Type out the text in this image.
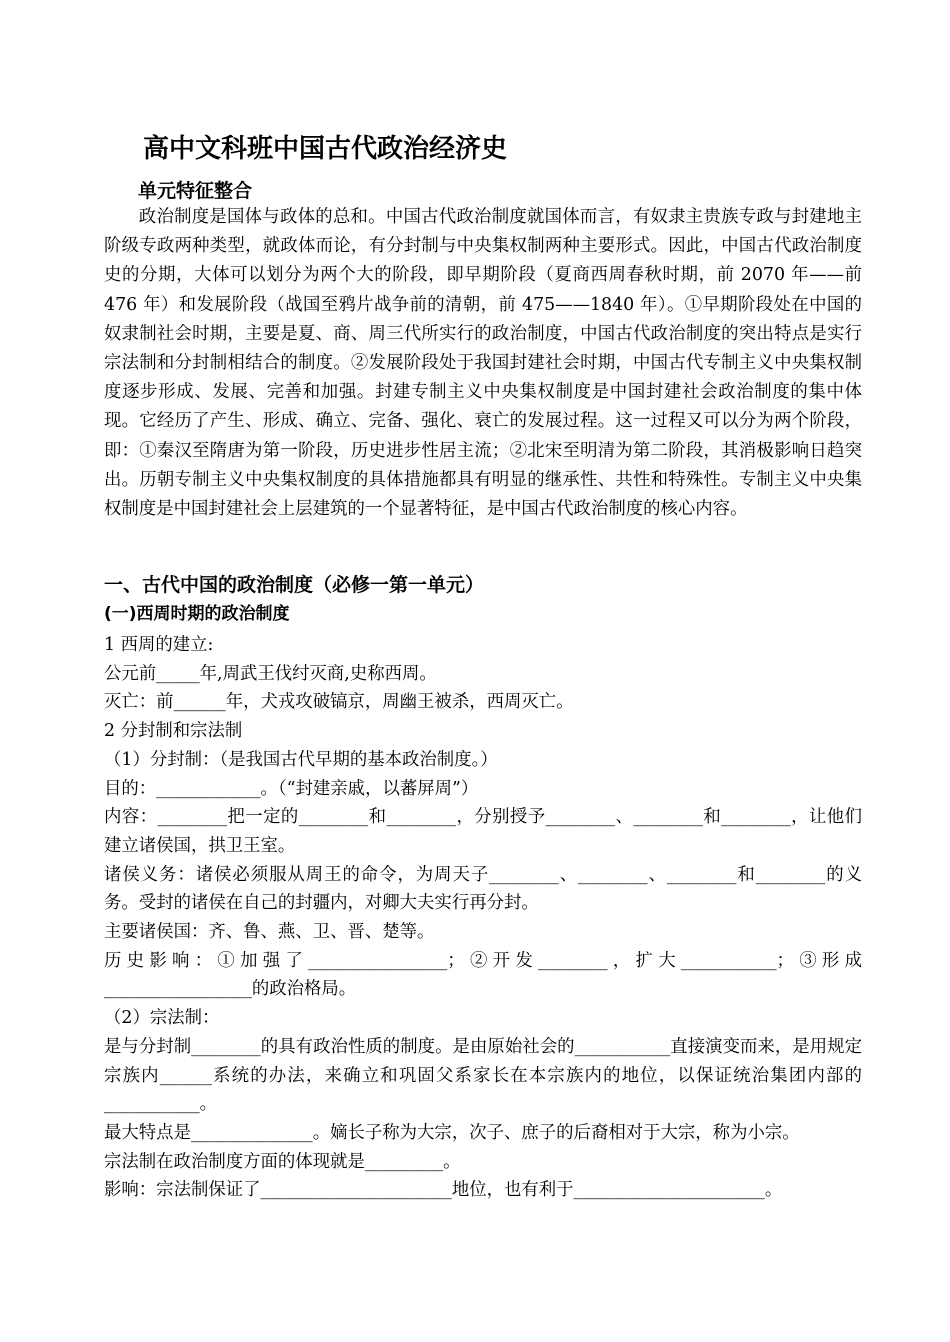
高中文科班中国古代政治经济史
单元特征整合
政治制度是国体与政体的总和。中国古代政治制度就国体而言，有奴隶主贵族专政与封建地主阶级专政两种类型，就政体而论，有分封制与中央集权制两种主要形式。因此，中国古代政治制度史的分期，大体可以划分为两个大的阶段，即早期阶段（夏商西周春秋时期，前 2070 年——前 476 年）和发展阶段（战国至鸦片战争前的清朝，前 475——1840 年）。①早期阶段处在中国的奴隶制社会时期，主要是夏、商、周三代所实行的政治制度，中国古代政治制度的突出特点是实行宗法制和分封制相结合的制度。②发展阶段处于我国封建社会时期，中国古代专制主义中央集权制度逐步形成、发展、完善和加强。封建专制主义中央集权制度是中国封建社会政治制度的集中体现。它经历了产生、形成、确立、完备、强化、衰亡的发展过程。这一过程又可以分为两个阶段，即：①秦汉至隋唐为第一阶段，历史进步性居主流；②北宋至明清为第二阶段，其消极影响日趋突出。历朝专制主义中央集权制度的具体措施都具有明显的继承性、共性和特殊性。专制主义中央集权制度是中国封建社会上层建筑的一个显著特征，是中国古代政治制度的核心内容。
一、古代中国的政治制度（必修一第一单元）
(一)西周时期的政治制度

1 西周的建立:

公元前_____年,周武王伐纣灭商,史称西周。

灭亡：前______年，犬戎攻破镐京，周幽王被杀，西周灭亡。

2 分封制和宗法制

（1）分封制：（是我国古代早期的基本政治制度。）

目的：____________。（“封建亲戚，以蕃屏周”）

内容：________把一定的________和________，分别授予________、________和________，让他们建立诸侯国，拱卫王室。

诸侯义务：诸侯必须服从周王的命令，为周天子________、________、________和________的义务。受封的诸侯在自己的封疆内，对卿大夫实行再分封。

主要诸侯国：齐、鲁、燕、卫、晋、楚等。

历史影响：①加强了________________；②开发________，扩大___________；③形成_________________的政治格局。

（2）宗法制：

是与分封制________的具有政治性质的制度。是由原始社会的___________直接演变而来，是用规定宗族内______系统的办法，来确立和巩固父系家长在本宗族内的地位，以保证统治集团内部的___________。

最大特点是______________。嫡长子称为大宗，次子、庶子的后裔相对于大宗，称为小宗。

宗法制在政治制度方面的体现就是_________。

影响：宗法制保证了______________________地位，也有利于______________________。
